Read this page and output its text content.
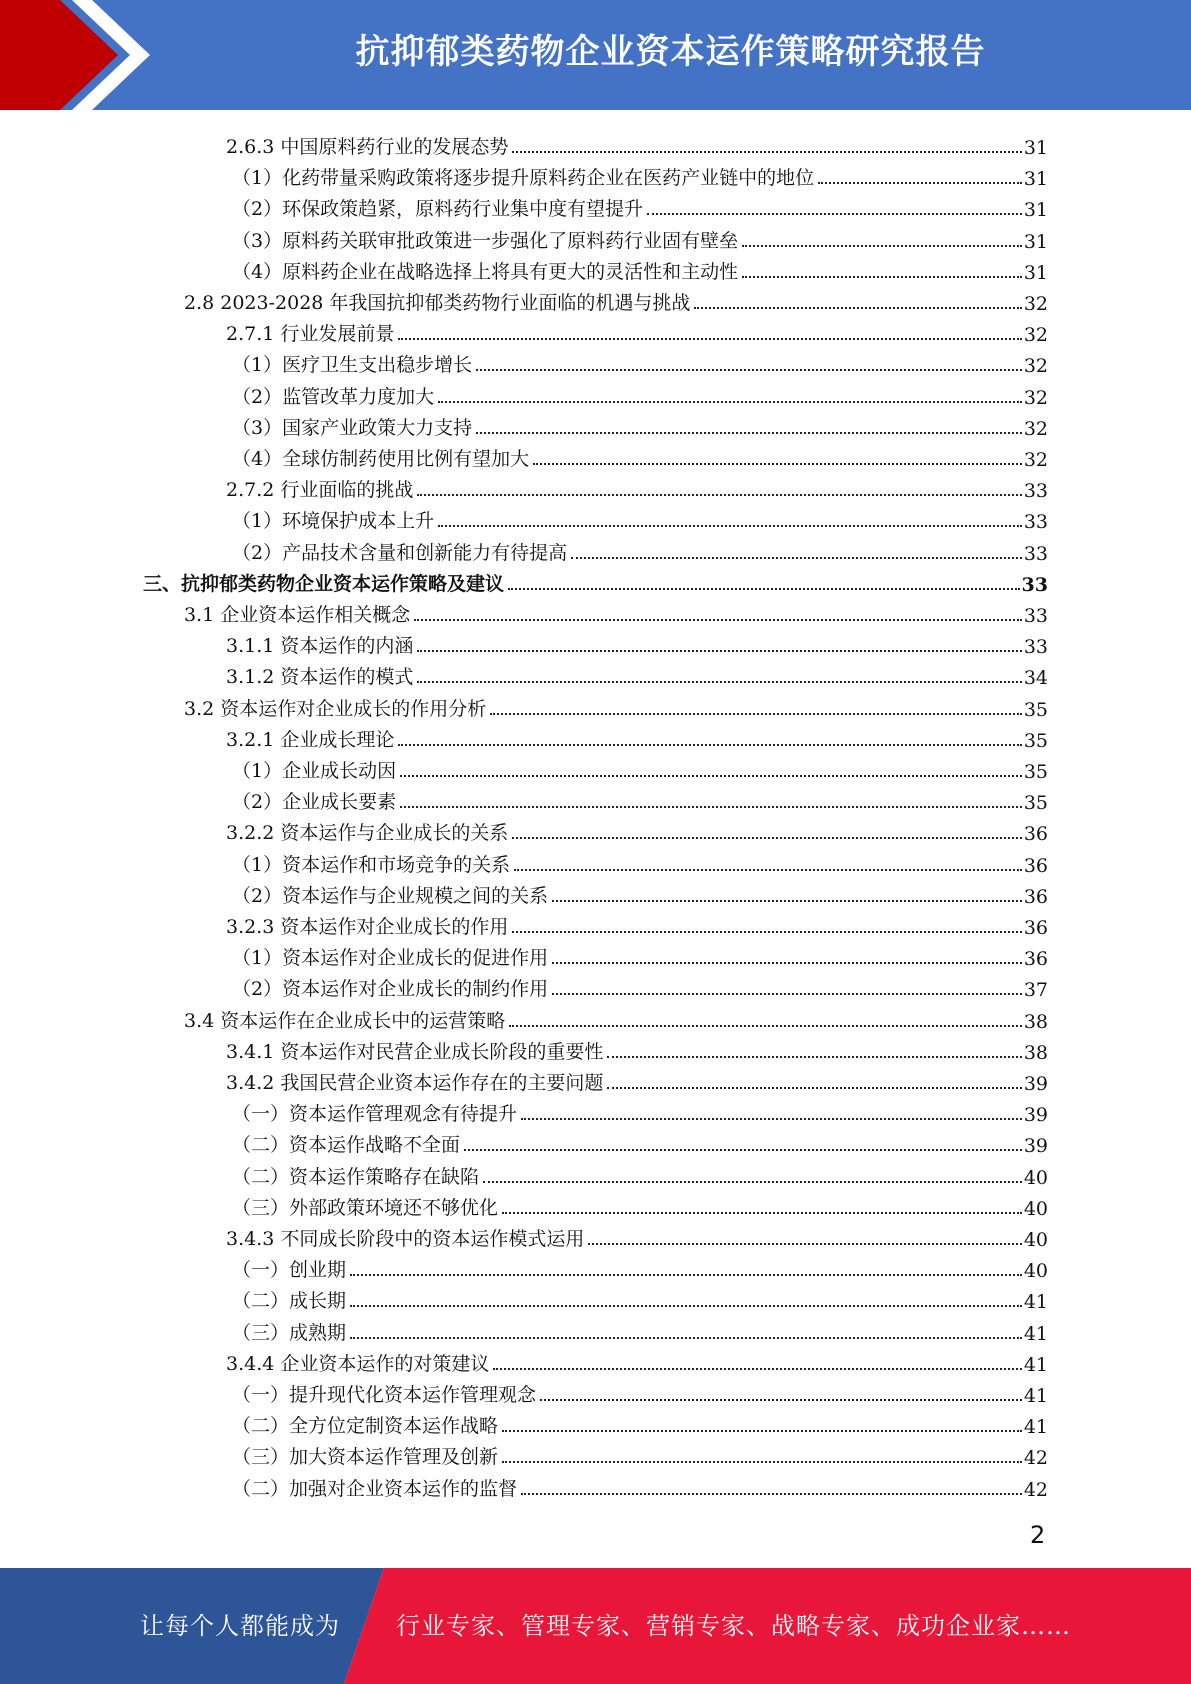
抗抑郁类药物企业资本运作策略研究报告
2.6.3 中国原料药行业的发展态势	31
（1）化药带量采购政策将逐步提升原料药企业在医药产业链中的地位	31
（2）环保政策趋紧，原料药行业集中度有望提升	31
（3）原料药关联审批政策进一步强化了原料药行业固有壁垒	31
（4）原料药企业在战略选择上将具有更大的灵活性和主动性	31
2.8 2023-2028 年我国抗抑郁类药物行业面临的机遇与挑战	32
2.7.1 行业发展前景	32
（1）医疗卫生支出稳步增长	32
（2）监管改革力度加大	32
（3）国家产业政策大力支持	32
（4）全球仿制药使用比例有望加大	32
2.7.2 行业面临的挑战	33
（1）环境保护成本上升	33
（2）产品技术含量和创新能力有待提高	33
三、抗抑郁类药物企业资本运作策略及建议	33
3.1 企业资本运作相关概念	33
3.1.1 资本运作的内涵	33
3.1.2 资本运作的模式	34
3.2 资本运作对企业成长的作用分析	35
3.2.1 企业成长理论	35
（1）企业成长动因	35
（2）企业成长要素	35
3.2.2 资本运作与企业成长的关系	36
（1）资本运作和市场竞争的关系	36
（2）资本运作与企业规模之间的关系	36
3.2.3 资本运作对企业成长的作用	36
（1）资本运作对企业成长的促进作用	36
（2）资本运作对企业成长的制约作用	37
3.4 资本运作在企业成长中的运营策略	38
3.4.1 资本运作对民营企业成长阶段的重要性	38
3.4.2 我国民营企业资本运作存在的主要问题	39
（一）资本运作管理观念有待提升	39
（二）资本运作战略不全面	39
（二）资本运作策略存在缺陷	40
（三）外部政策环境还不够优化	40
3.4.3 不同成长阶段中的资本运作模式运用	40
（一）创业期	40
（二）成长期	41
（三）成熟期	41
3.4.4 企业资本运作的对策建议	41
（一）提升现代化资本运作管理观念	41
（二）全方位定制资本运作战略	41
（三）加大资本运作管理及创新	42
（二）加强对企业资本运作的监督	42
2
让每个人都能成为 行业专家、管理专家、营销专家、战略专家、成功企业家……
